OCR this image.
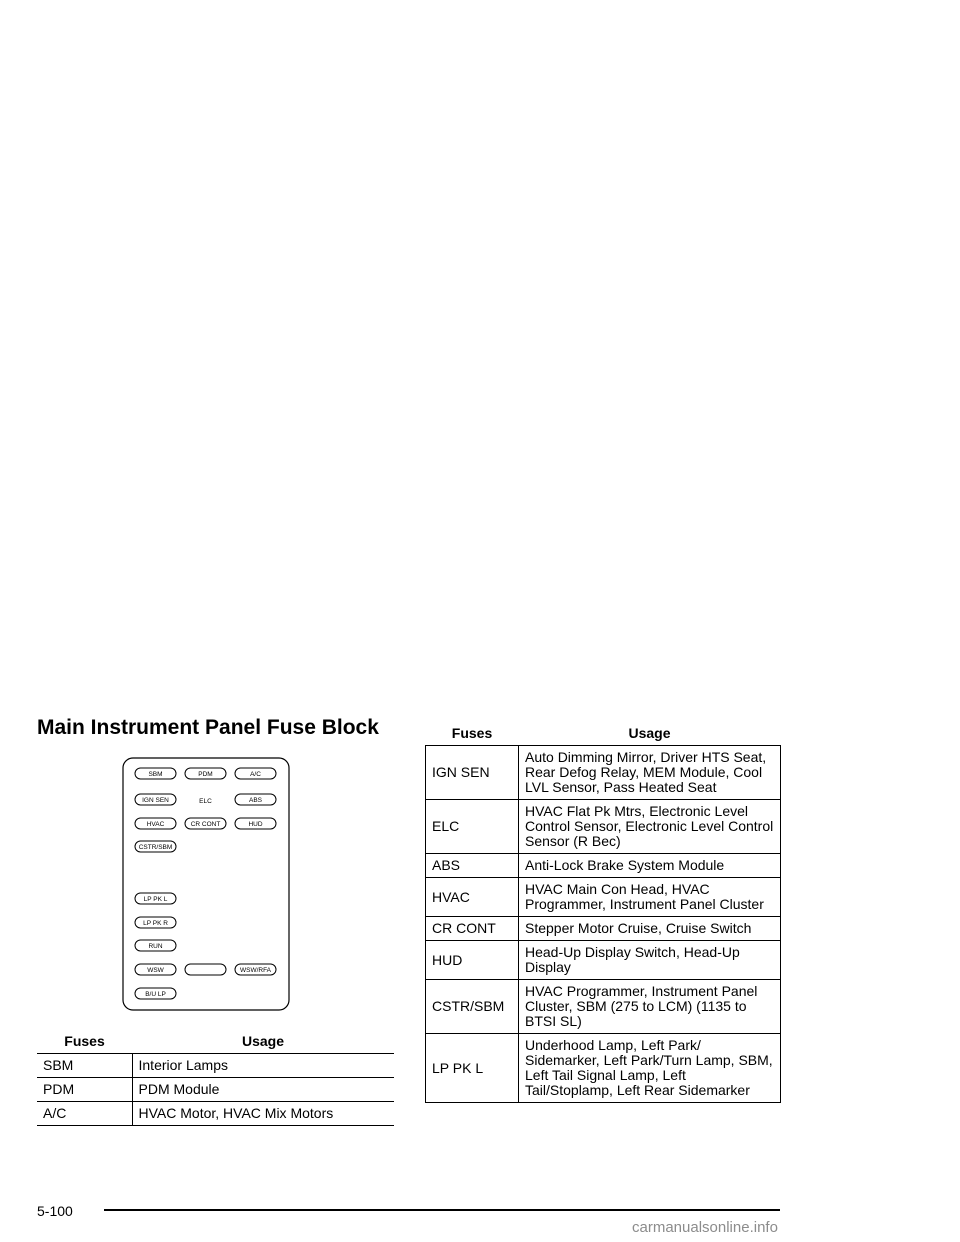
Main Instrument Panel Fuse Block
SBM	PDM	A/C
IGN SEN	ELC	ABS
HVAC	CR CONT	HUD
CSTR/SBM
LP PK L
LP PK R
RUN
WSW	WSW/RFA
B/U LP
Fuses	Usage
SBM	Interior Lamps
PDM	PDM Module
A/C	HVAC Motor, HVAC Mix Motors
Fuses	Usage
IGN SEN	Auto Dimming Mirror, Driver HTS Seat, Rear Defog Relay, MEM Module, Cool LVL Sensor, Pass Heated Seat
ELC	HVAC Flat Pk Mtrs, Electronic Level Control Sensor, Electronic Level Control Sensor (R Bec)
ABS	Anti-Lock Brake System Module
HVAC	HVAC Main Con Head, HVAC Programmer, Instrument Panel Cluster
CR CONT	Stepper Motor Cruise, Cruise Switch
HUD	Head-Up Display Switch, Head-Up Display
CSTR/SBM	HVAC Programmer, Instrument Panel Cluster, SBM (275 to LCM) (1135 to BTSI SL)
LP PK L	Underhood Lamp, Left Park/ Sidemarker, Left Park/Turn Lamp, SBM, Left Tail Signal Lamp, Left Tail/Stoplamp, Left Rear Sidemarker
5-100
carmanualsonline.info
